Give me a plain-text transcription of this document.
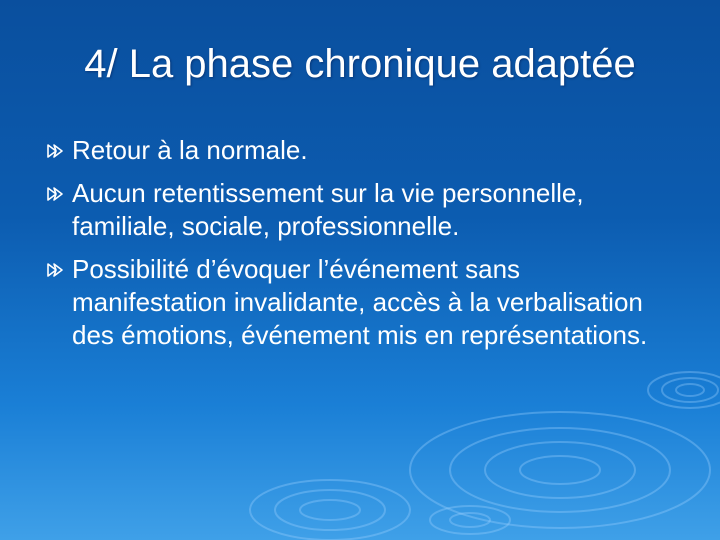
4/ La phase chronique adaptée
Retour à la normale.
Aucun retentissement sur la vie personnelle, familiale, sociale, professionnelle.
Possibilité d’évoquer l’événement sans manifestation invalidante, accès à la verbalisation des émotions, événement mis en représentations.
